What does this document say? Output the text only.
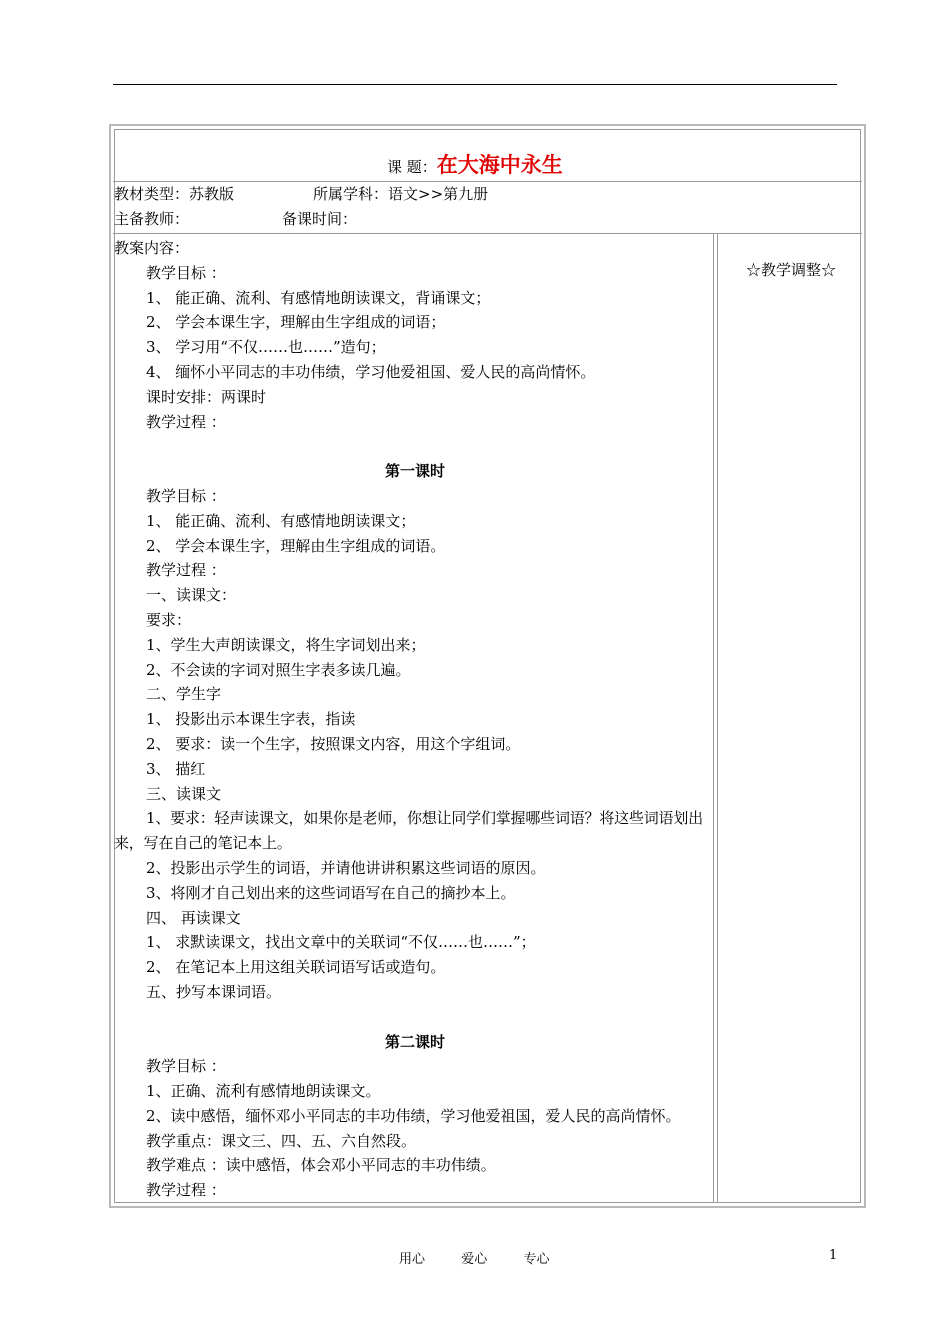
课 题：在大海中永生
教材类型：苏教版	所属学科：语文>>第九册
主备教师：	备课时间：
教案内容：
教学目标 ：
1、 能正确、流利、有感情地朗读课文，背诵课文；
2、 学会本课生字，理解由生字组成的词语；
3、 学习用“不仅……也……”造句；
4、 缅怀小平同志的丰功伟绩，学习他爱祖国、爱人民的高尚情怀。
课时安排：两课时
教学过程 ：
第一课时
教学目标 ：
1、 能正确、流利、有感情地朗读课文；
2、 学会本课生字，理解由生字组成的词语。
教学过程 ：
一、读课文：
要求：
1、学生大声朗读课文，将生字词划出来；
2、不会读的字词对照生字表多读几遍。
二、学生字
1、 投影出示本课生字表，指读
2、 要求：读一个生字，按照课文内容，用这个字组词。
3、 描红
三、读课文
1、要求：轻声读课文，如果你是老师，你想让同学们掌握哪些词语？将这些词语划出来，写在自己的笔记本上。
2、投影出示学生的词语，并请他讲讲积累这些词语的原因。
3、将刚才自己划出来的这些词语写在自己的摘抄本上。
四、 再读课文
1、 求默读课文，找出文章中的关联词“不仅……也……”；
2、 在笔记本上用这组关联词语写话或造句。
五、抄写本课词语。
第二课时
教学目标 ：
1、正确、流利有感情地朗读课文。
2、读中感悟，缅怀邓小平同志的丰功伟绩，学习他爱祖国，爱人民的高尚情怀。
教学重点：课文三、四、五、六自然段。
教学难点 ：读中感悟，体会邓小平同志的丰功伟绩。
教学过程 ：
☆教学调整☆
用心  爱心  专心	1
